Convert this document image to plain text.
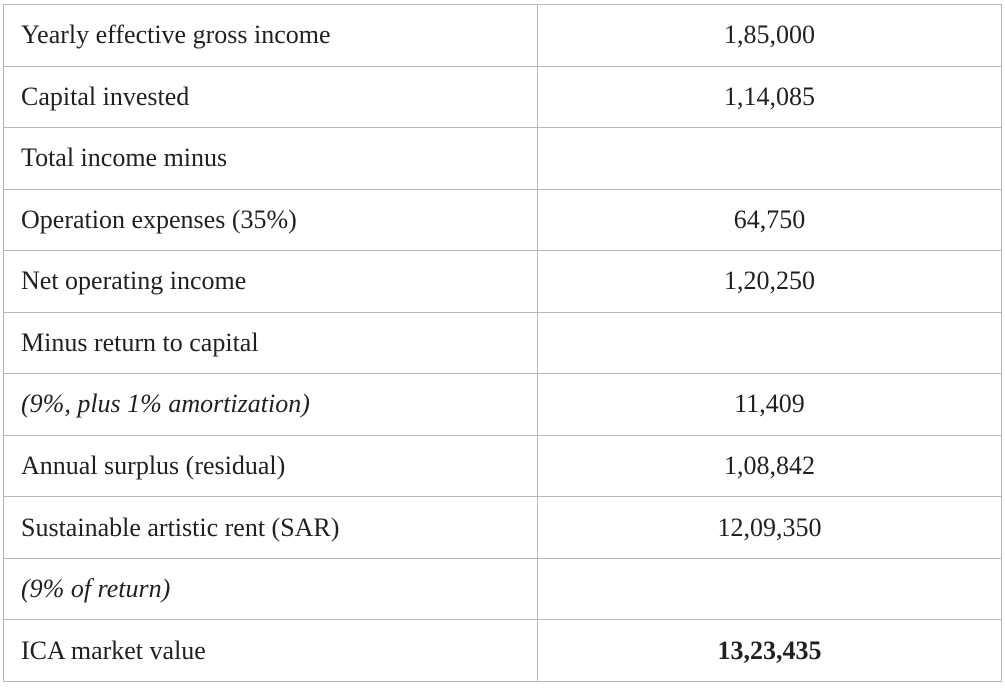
Yearly effective gross income	1,85,000
Capital invested	1,14,085
Total income minus	
Operation expenses (35%)	64,750
Net operating income	1,20,250
Minus return to capital	
(9%, plus 1% amortization)	11,409
Annual surplus (residual)	1,08,842
Sustainable artistic rent (SAR)	12,09,350
(9% of return)	
ICA market value	13,23,435
